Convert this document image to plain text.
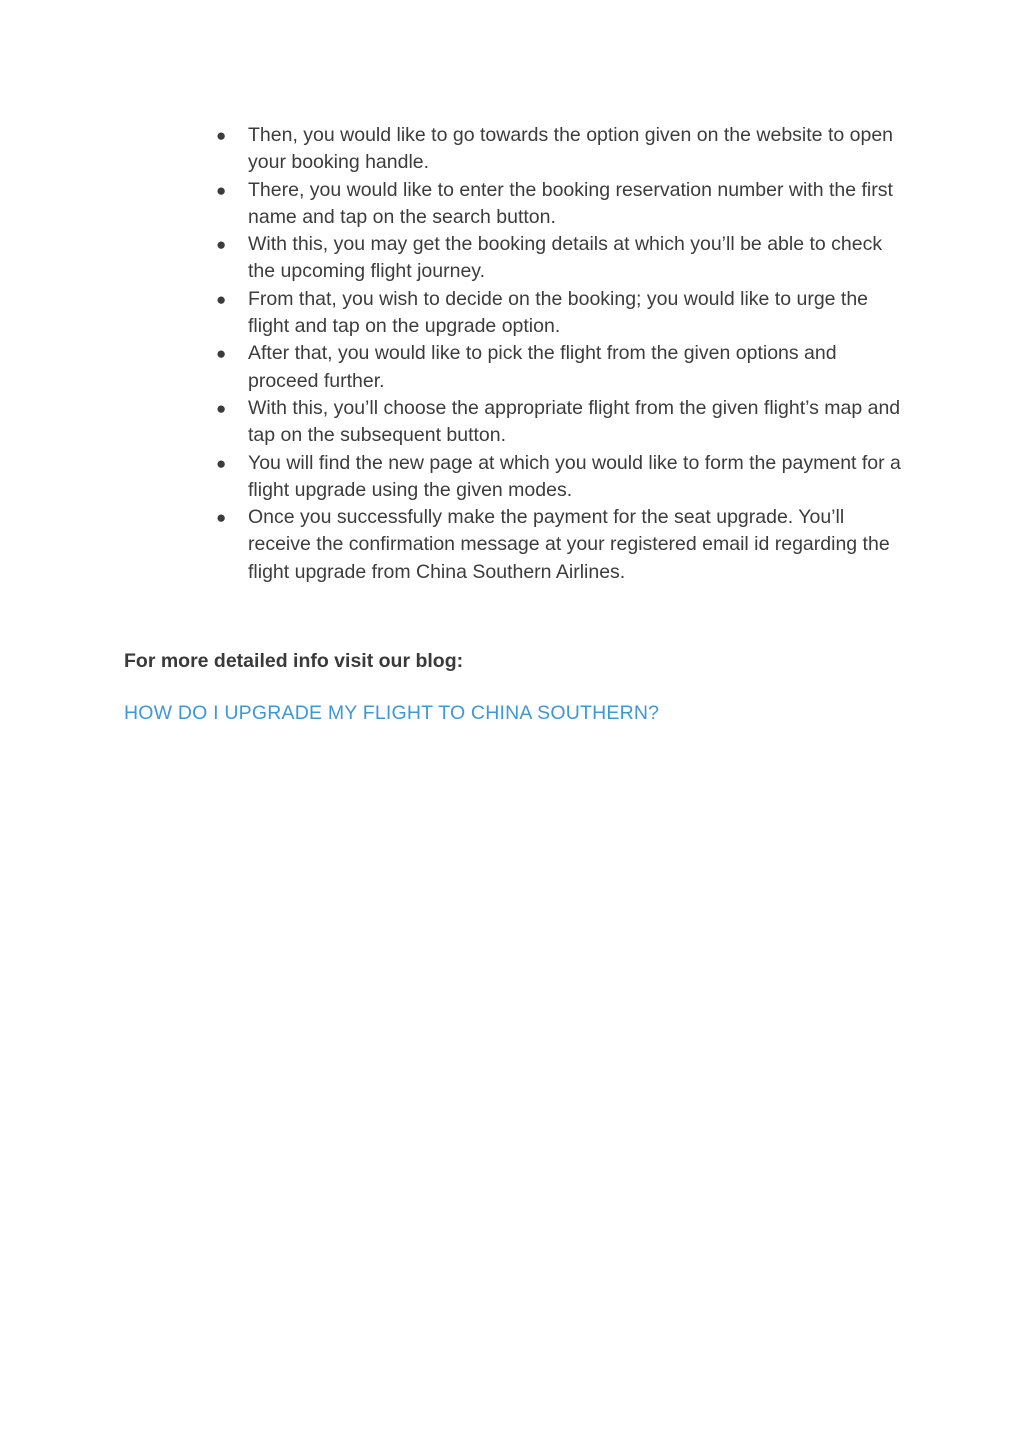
● Then, you would like to go towards the option given on the website to open your booking handle.
● There, you would like to enter the booking reservation number with the first name and tap on the search button.
● With this, you may get the booking details at which you’ll be able to check the upcoming flight journey.
● From that, you wish to decide on the booking; you would like to urge the flight and tap on the upgrade option.
● After that, you would like to pick the flight from the given options and proceed further.
● With this, you’ll choose the appropriate flight from the given flight’s map and tap on the subsequent button.
● You will find the new page at which you would like to form the payment for a flight upgrade using the given modes.
● Once you successfully make the payment for the seat upgrade. You’ll receive the confirmation message at your registered email id regarding the flight upgrade from China Southern Airlines.

For more detailed info visit our blog:

HOW DO I UPGRADE MY FLIGHT TO CHINA SOUTHERN?
